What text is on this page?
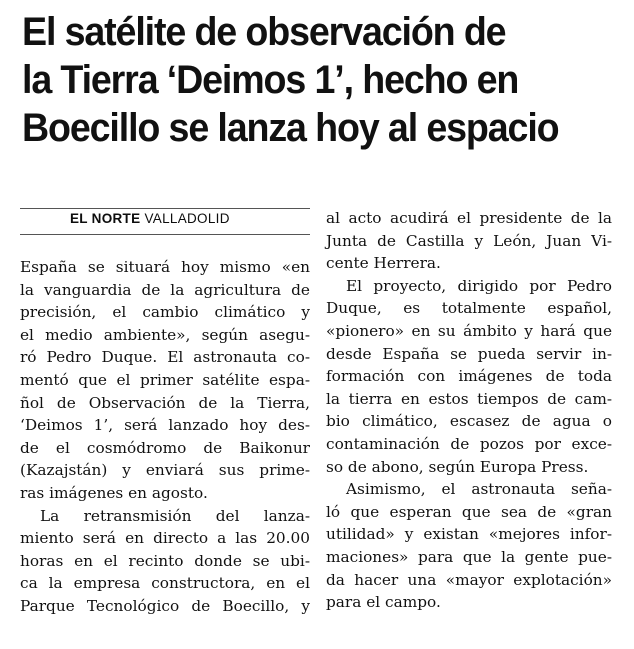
El satélite de observación de
la Tierra ‘Deimos 1’, hecho en
Boecillo se lanza hoy al espacio
EL NORTE VALLADOLID

España se situará hoy mismo «en
la vanguardia de la agricultura de
precisión, el cambio climático y
el medio ambiente», según asegu-
ró Pedro Duque. El astronauta co-
mentó que el primer satélite espa-
ñol de Observación de la Tierra,
‘Deimos 1’, será lanzado hoy des-
de el cosmódromo de Baikonur
(Kazajstán) y enviará sus prime-
ras imágenes en agosto.

La retransmisión del lanza-
miento será en directo a las 20.00
horas en el recinto donde se ubi-
ca la empresa constructora, en el
Parque Tecnológico de Boecillo, y

al acto acudirá el presidente de la
Junta de Castilla y León, Juan Vi-
cente Herrera.

El proyecto, dirigido por Pedro
Duque, es totalmente español,
«pionero» en su ámbito y hará que
desde España se pueda servir in-
formación con imágenes de toda
la tierra en estos tiempos de cam-
bio climático, escasez de agua o
contaminación de pozos por exce-
so de abono, según Europa Press.

Asimismo, el astronauta seña-
ló que esperan que sea de «gran
utilidad» y existan «mejores infor-
maciones» para que la gente pue-
da hacer una «mayor explotación»
para el campo.
